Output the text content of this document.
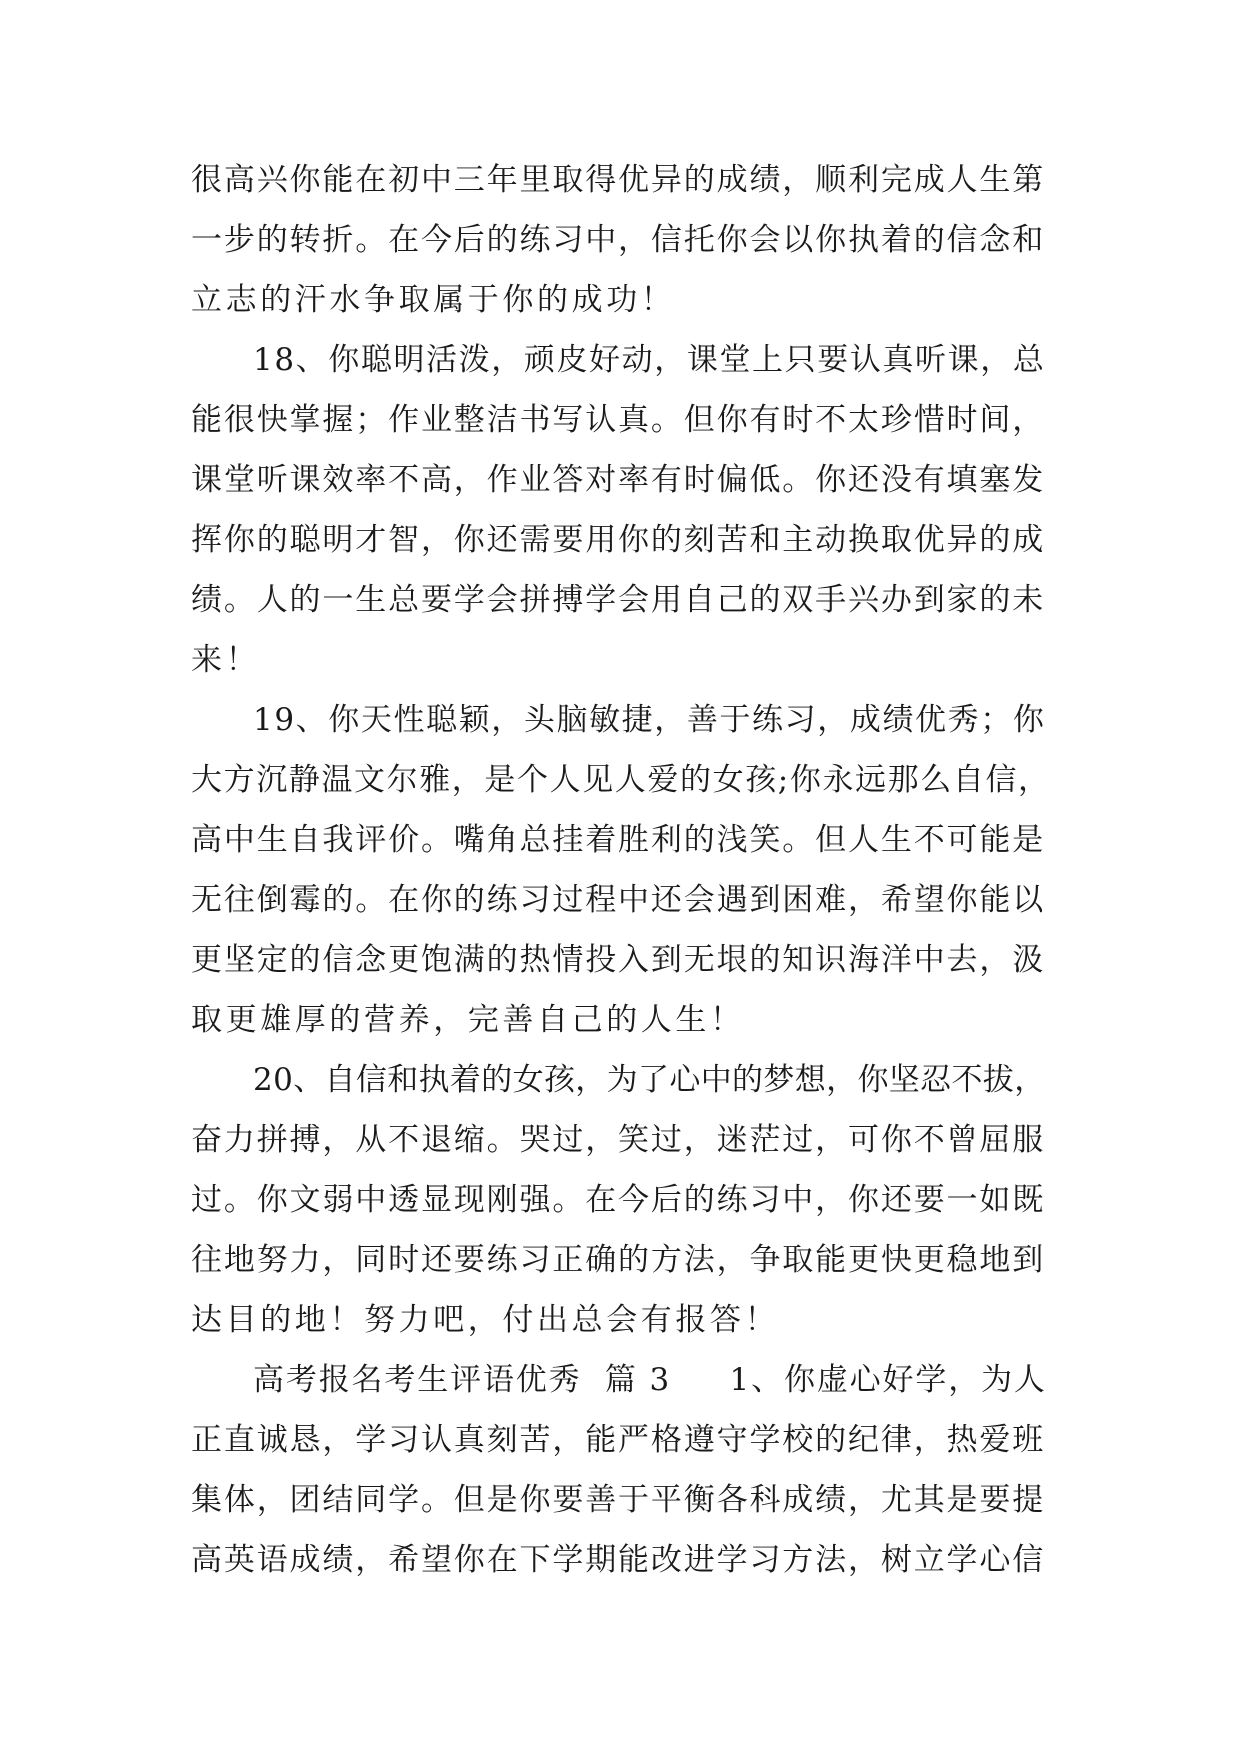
很高兴你能在初中三年里取得优异的成绩，顺利完成人生第
一步的转折。在今后的练习中，信托你会以你执着的信念和
立志的汗水争取属于你的成功！
18、你聪明活泼，顽皮好动，课堂上只要认真听课，总
能很快掌握；作业整洁书写认真。但你有时不太珍惜时间，
课堂听课效率不高，作业答对率有时偏低。你还没有填塞发
挥你的聪明才智，你还需要用你的刻苦和主动换取优异的成
绩。人的一生总要学会拼搏学会用自己的双手兴办到家的未
来！
19、你天性聪颖，头脑敏捷，善于练习，成绩优秀；你
大方沉静温文尔雅，是个人见人爱的女孩;你永远那么自信，
高中生自我评价。嘴角总挂着胜利的浅笑。但人生不可能是
无往倒霉的。在你的练习过程中还会遇到困难，希望你能以
更坚定的信念更饱满的热情投入到无垠的知识海洋中去，汲
取更雄厚的营养，完善自己的人生！
20、自信和执着的女孩，为了心中的梦想，你坚忍不拔，
奋力拼搏，从不退缩。哭过，笑过，迷茫过，可你不曾屈服
过。你文弱中透显现刚强。在今后的练习中，你还要一如既
往地努力，同时还要练习正确的方法，争取能更快更稳地到
达目的地！努力吧，付出总会有报答！
高考报名考生评语优秀  篇 3     1、你虚心好学，为人
正直诚恳，学习认真刻苦，能严格遵守学校的纪律，热爱班
集体，团结同学。但是你要善于平衡各科成绩，尤其是要提
高英语成绩，希望你在下学期能改进学习方法，树立学心信
